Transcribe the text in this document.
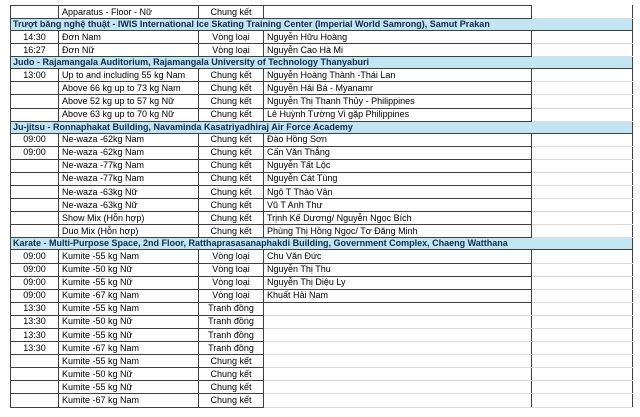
	Apparatus - Floor - Nữ	Chung kết		
Trượt băng nghệ thuật - IWIS International Ice Skating Training Center (Imperial World Samrong), Samut Prakan				
14:30	Đơn Nam	Vòng loại	Nguyễn Hữu Hoàng	
16:27	Đơn Nữ	Vòng loại	Nguyễn Cao Hà Mi	
Judo - Rajamangala Auditorium, Rajamangala University of Technology Thanyaburi				
13:00	Up to and including 55 kg Nam	Chung kết	Nguyễn Hoàng Thành -Thái Lan	
	Above 66 kg up to 73 kg Nam	Chung kết	Nguyễn Hải Bá - Myanamr	
	Above 52 kg up to 57 kg Nữ	Chung kết	Nguyễn Thị Thanh Thủy - Philippines	
	Above 63 kg up to 70 kg Nữ	Chung kết	Lê Huỳnh Tường Vi gặp Philippines	
Ju-jitsu - Ronnaphakat Building, Navaminda Kasatriyadhiraj Air Force Academy				
09:00	Ne-waza -62kg Nam	Chung kết	Đào Hồng Sơn	
09:00	Ne-waza -62kg Nam	Chung kết	Cấn Văn Thắng	
	Ne-waza -77kg Nam	Chung kết	Nguyễn Tất Lộc	
	Ne-waza -77kg Nam	Chung kết	Nguyễn Cát Tùng	
	Ne-waza -63kg Nữ	Chung kết	Ngô T Thảo Vân	
	Ne-waza -63kg Nữ	Chung kết	Vũ T Anh Thư	
	Show Mix (Hỗn hợp)	Chung kết	Trịnh Kế Dương/ Nguyễn Ngọc Bích	
	Duo Mix (Hỗn hợp)	Chung kết	Phùng Thị Hồng Ngọc/ Tơ Đăng Minh	
Karate - Multi-Purpose Space, 2nd Floor, Ratthaprasasanaphakdi Building, Government Complex, Chaeng Watthana				
09:00	Kumite -55 kg Nam	Vòng loại	Chu Văn Đức	
09:00	Kumite -50 kg Nữ	Vòng loại	Nguyễn Thị Thu	
09:00	Kumite -55 kg Nữ	Vòng loại	Nguyễn Thị Diệu Ly	
09:00	Kumite -67 kg Nam	Vòng loại	Khuất Hải Nam	
13:30	Kumite -55 kg Nam	Tranh đồng		
13:30	Kumite -50 kg Nữ	Tranh đồng		
13:30	Kumite -55 kg Nữ	Tranh đồng		
13:30	Kumite -67 kg Nam	Tranh đồng		
	Kumite -55 kg Nam	Chung kết		
	Kumite -50 kg Nữ	Chung kết		
	Kumite -55 kg Nữ	Chung kết		
	Kumite -67 kg Nam	Chung kết		
